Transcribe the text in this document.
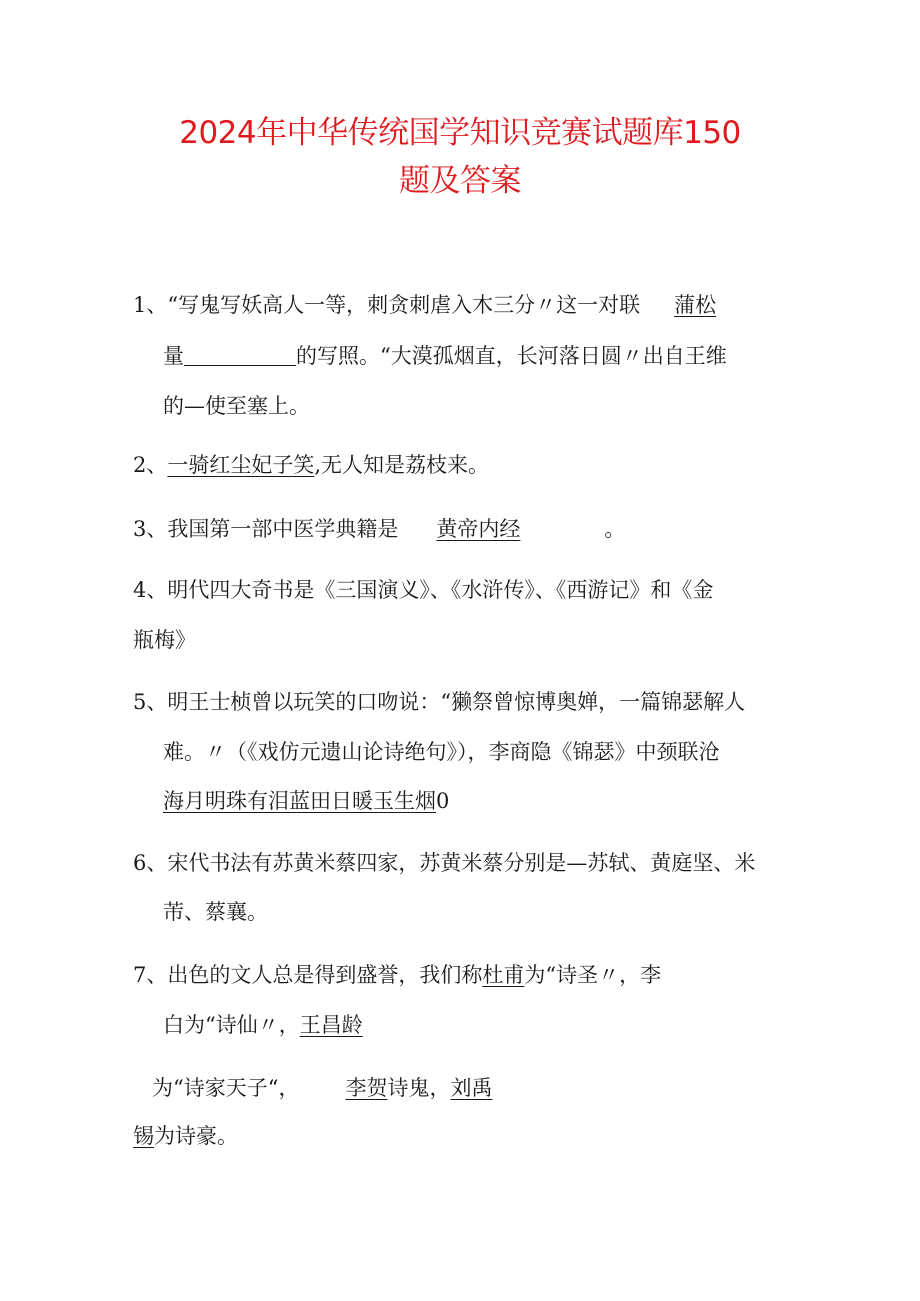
2024年中华传统国学知识竞赛试题库150
题及答案
1、“写鬼写妖高人一等，刺贪刺虐入木三分〃这一对联 蒲松
量	的写照。“大漠孤烟直，长河落日圆〃出自王维
的—使至塞上。
2、一骑红尘妃子笑,无人知是荔枝来。
3、我国第一部中医学典籍是 黄帝内经	。
4、明代四大奇书是《三国演义》、《水浒传》、《西游记》和《金
瓶梅》
5、明王士桢曾以玩笑的口吻说：“獭祭曾惊博奥婵，一篇锦瑟解人
难。〃（《戏仿元遗山论诗绝句》），李商隐《锦瑟》中颈联沧
海月明珠有泪蓝田日暖玉生烟0
6、宋代书法有苏黄米蔡四家，苏黄米蔡分别是—苏轼、黄庭坚、米
芾、蔡襄。
7、出色的文人总是得到盛誉，我们称杜甫为“诗圣〃，李
白为“诗仙〃，王昌龄
为“诗家天子“， 李贺诗鬼，刘禹
锡为诗豪。
